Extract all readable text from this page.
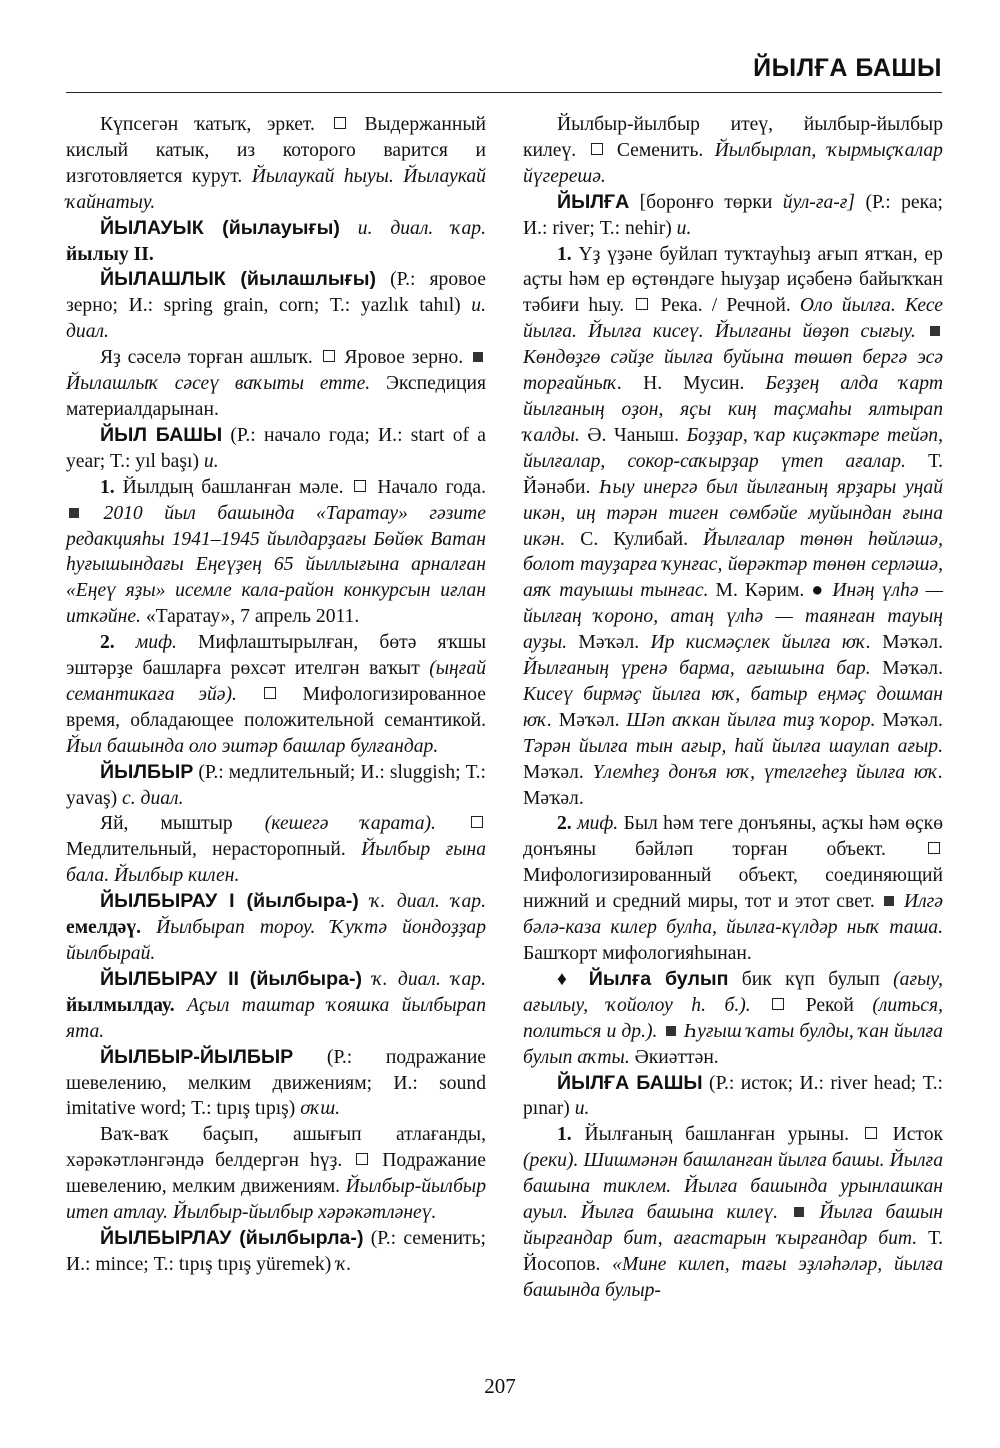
ЙЫЛҒА БАШЫ

Күпсегән ҡатыҡ, эркет.	Выдержанный кислый катык, из которого варится и изготовляется курут. Йылаукай һыуы. Йылаукай ҡайнатыу.

ЙЫЛАУЫК (йылауығы) и. диал. ҡар. йылыу II.

ЙЫЛАШЛЫК (йылашлығы) (Р.: яровое зерно; И.: spring grain, corn; Т.: yazlık tahıl) и. диал.

Яҙ сәселә торған ашлыҡ. Яровое зерно.  Йылашлыҡ сәсеү ваҡыты етте. Экспедиция материалдарынан.

ЙЫЛ БАШЫ (Р.: начало года; И.: start of a year; Т.: yıl başı) и.

1. Йылдың башланған мәле. Начало года.  2010 йыл башында «Таратау» гәзите редакцияһы 1941–1945 йылдарҙағы Бөйөк Ватан һуғышындағы Еңеүҙең 65 йыллығына арналған «Еңеү яҙы» исемле кала-район конкурсын иғлан иткәйне. «Таратау», 7 апрель 2011.

2. миф. Мифлаштырылған, бөтә яҡшы эштәрҙе башларға рөхсәт ителгән ваҡыт (ыңғай семантикаға эйә).	Мифологизированное время, обладающее положительной семантикой. Йыл башында оло эштәр башлар булғандар.

ЙЫЛБЫР (Р.: медлительный; И.: sluggish; Т.: yavaş) с. диал.

Яй, мыштыр (кешегә ҡарата).  Медлительный, нерасторопный. Йылбыр ғына бала. Йылбыр килен.

ЙЫЛБЫРАУ I (йылбыра-) ҡ. диал. ҡар. емелдәү. Йылбырап тороу. Ҡуҡтә йондоҙҙар йылбырай.

ЙЫЛБЫРАУ II (йылбыра-) ҡ. диал. ҡар. йылмылдау. Аҫыл таштар ҡояшка йылбырап ята.

ЙЫЛБЫР-ЙЫЛБЫР (Р.: подражание шевелению, мелким движениям; И.: sound imitative word; Т.: tıpış tıpış) оҡш.

Ваҡ-ваҡ баҫып, ашығып атлағанды, хәрәкәтләнгәндә белдергән һүҙ. Подражание шевелению, мелким движениям. Йылбыр-йылбыр итеп атлау. Йылбыр-йылбыр хәрәкәтләнеү.

ЙЫЛБЫРЛАУ (йылбырла-) (Р.: семенить; И.: mince; Т.: tıpış tıpış yüremek) ҡ.

Йылбыр-йылбыр итеү, йылбыр-йылбыр килеү. Семенить. Йылбырлап, ҡырмыҫҡалар йүгерешә.

ЙЫЛҒА [боронғо төрки йул-ға-ғ] (Р.: река; И.: river; Т.: nehir) и.

1. Үҙ үҙәне буйлап туҡтауһыҙ ағып ятҡан, ер аҫты һәм ер өҫтөндәге һыуҙар иҫәбенә байыҡҡан тәбиғи һыу. Река. / Речной. Оло йылға. Кесе йылға. Йылға кисеү. Йылғаны йөҙөп сығыу.  Көндөҙгө сәйҙе йылға буйына төшөп бергә эсә торғайныҡ. Н. Мусин. Беҙҙең алда ҡарт йылғаның оҙон, яҫы киң таҫмаһы ялтырап ҡалды. Ә. Чаныш. Боҙҙар, ҡар киҫәктәре тейәп, йылғалар, сокор-саҡырҙар үтеп ағалар. Т. Йәнәби. Һыу инергә был йылғаның ярҙары уңай икән, иң тәрән тиген сөмбәйе муйындан ғына икән. С. Кулибай. Йылғалар төнөн һөйләшә, болот тауҙарға ҡунғас, йөрәктәр төнөн серләшә, аяҡ тауышы тынғас. М. Кәрим. ● Инәң үлһә — йылғаң ҡороно, атаң үлһә — таянған тауың ауҙы. Мәҡәл. Ир кисмәҫлек йылға юҡ. Мәҡәл. Йылғаның үренә барма, ағышына бар. Мәҡәл. Кисеү бирмәҫ йылға юҡ, батыр еңмәҫ дошман юҡ. Мәҡәл. Шәп аҡкан йылға тиҙ ҡорор. Мәҡәл. Тәрән йылға тын ағыр, һай йылға шаулап ағыр. Мәҡәл. Үлемһеҙ донъя юҡ, үтелгеһеҙ йылға юҡ. Мәҡәл.

2. миф. Был һәм теге донъяны, аҫҡы һәм өҫкө донъяны бәйләп торған объект.  Мифологизированный объект, соединяющий нижний и средний миры, тот и этот свет. Илгә бәлә-каза килер булһа, йылға-күлдәр ныҡ таша. Башҡорт мифологияһынан.

♦ Йылға булып бик күп булып (ағыу, ағылыу, ҡойолоу һ. б.).	Рекой (литься, политься и др.). Һуғыш ҡаты булды, ҡан йылға булып аҡты. Әкиәттән.

ЙЫЛҒА БАШЫ (Р.: исток; И.: river head; Т.: pınar) и.

1. Йылғаның башланған урыны. Исток (реки). Шишмәнән башланған йылға башы. Йылға башына тиклем. Йылға башында урынлашкан ауыл. Йылға башына килеү. Йылға башын йырғандар бит, ағастарын ҡырғандар бит. Т. Йосопов. «Мине килеп, тағы эҙләһәләр, йылға башында булыр-

207
